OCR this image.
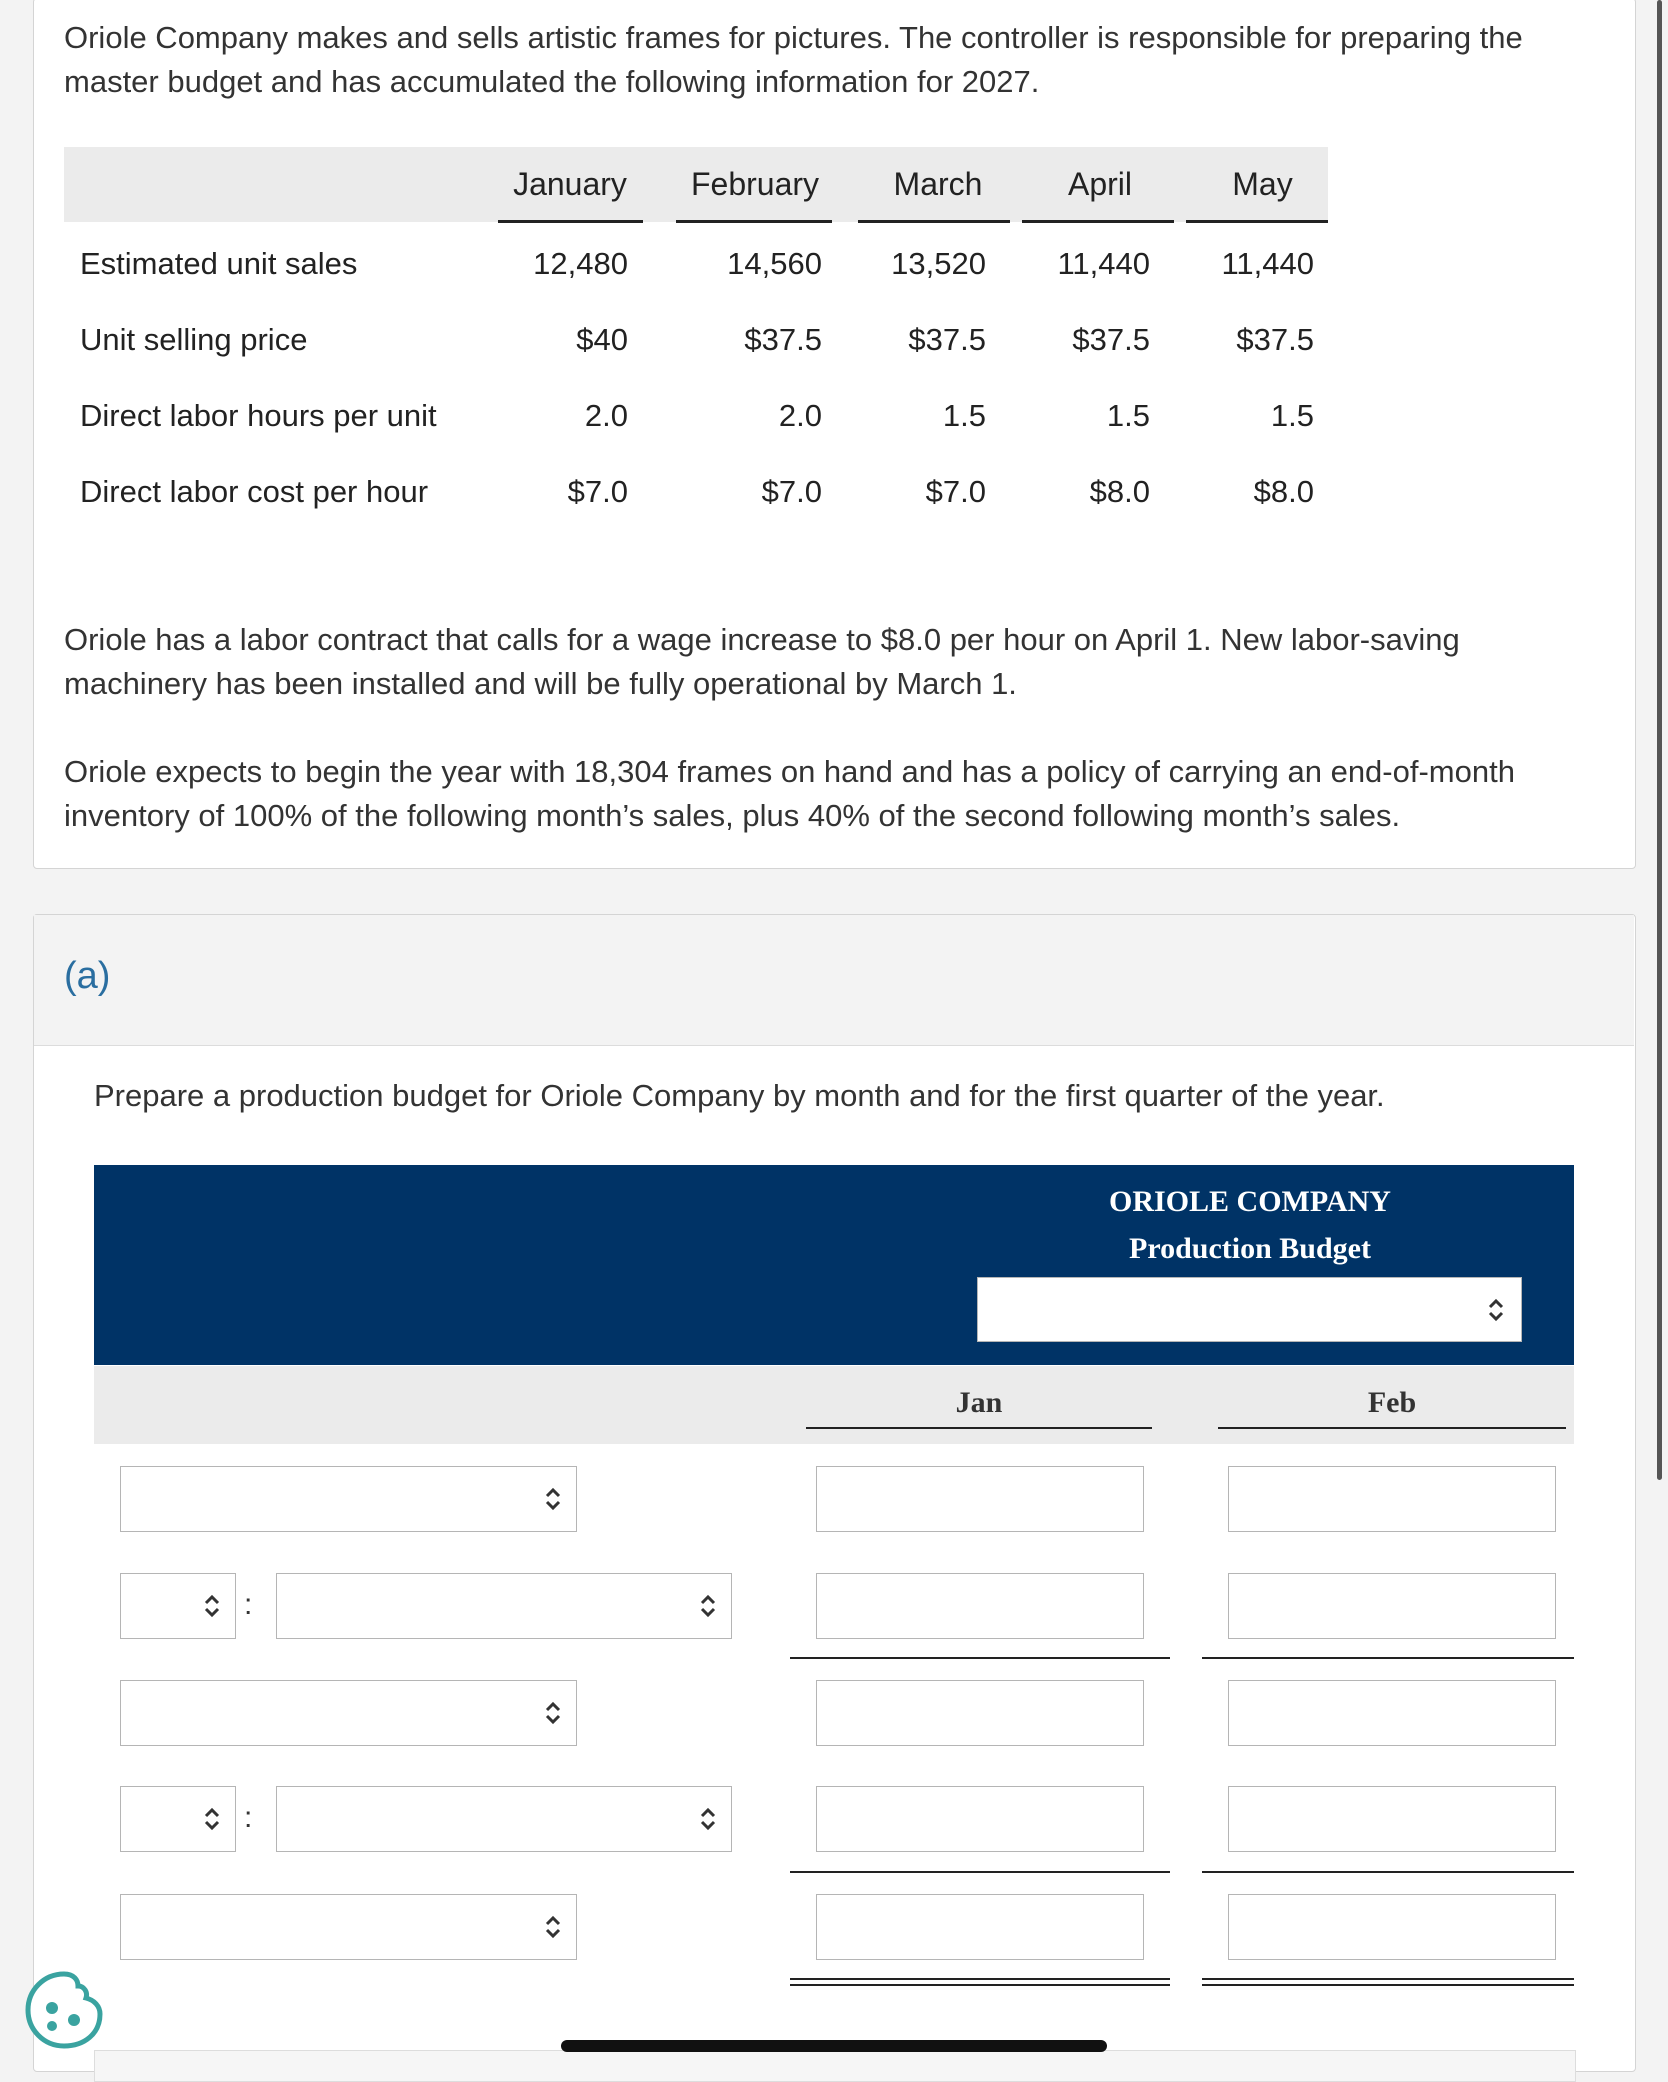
Oriole Company makes and sells artistic frames for pictures. The controller is responsible for preparing the
master budget and has accumulated the following information for 2027.
January	February	March	April	May
Estimated unit sales	12,480	14,560	13,520	11,440	11,440
Unit selling price	$40	$37.5	$37.5	$37.5	$37.5
Direct labor hours per unit	2.0	2.0	1.5	1.5	1.5
Direct labor cost per hour	$7.0	$7.0	$7.0	$8.0	$8.0
Oriole has a labor contract that calls for a wage increase to $8.0 per hour on April 1. New labor-saving
machinery has been installed and will be fully operational by March 1.
Oriole expects to begin the year with 18,304 frames on hand and has a policy of carrying an end-of-month
inventory of 100% of the following month’s sales, plus 40% of the second following month’s sales.
(a)
Prepare a production budget for Oriole Company by month and for the first quarter of the year.
ORIOLE COMPANY
Production Budget
Jan	Feb
:
:
